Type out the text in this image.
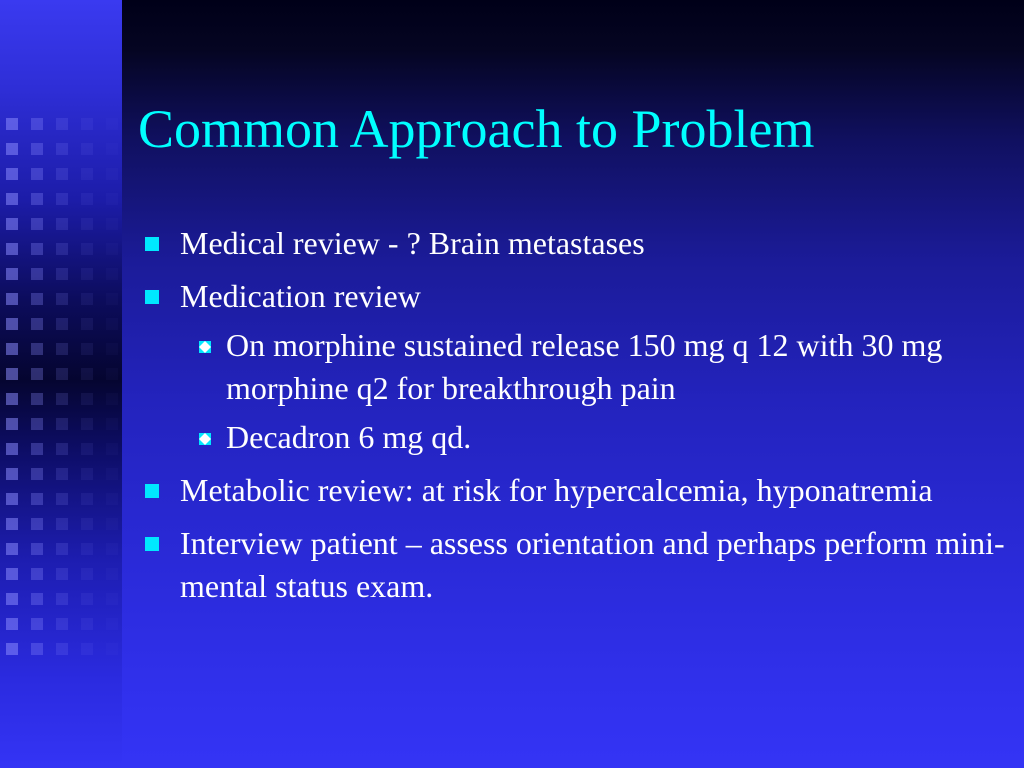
Common Approach to Problem
Medical review - ? Brain metastases
Medication review
On morphine sustained release 150 mg q 12 with 30 mg morphine q2 for breakthrough pain
Decadron 6 mg qd.
Metabolic review: at risk for hypercalcemia, hyponatremia
Interview patient – assess orientation and perhaps perform mini-mental status exam.
